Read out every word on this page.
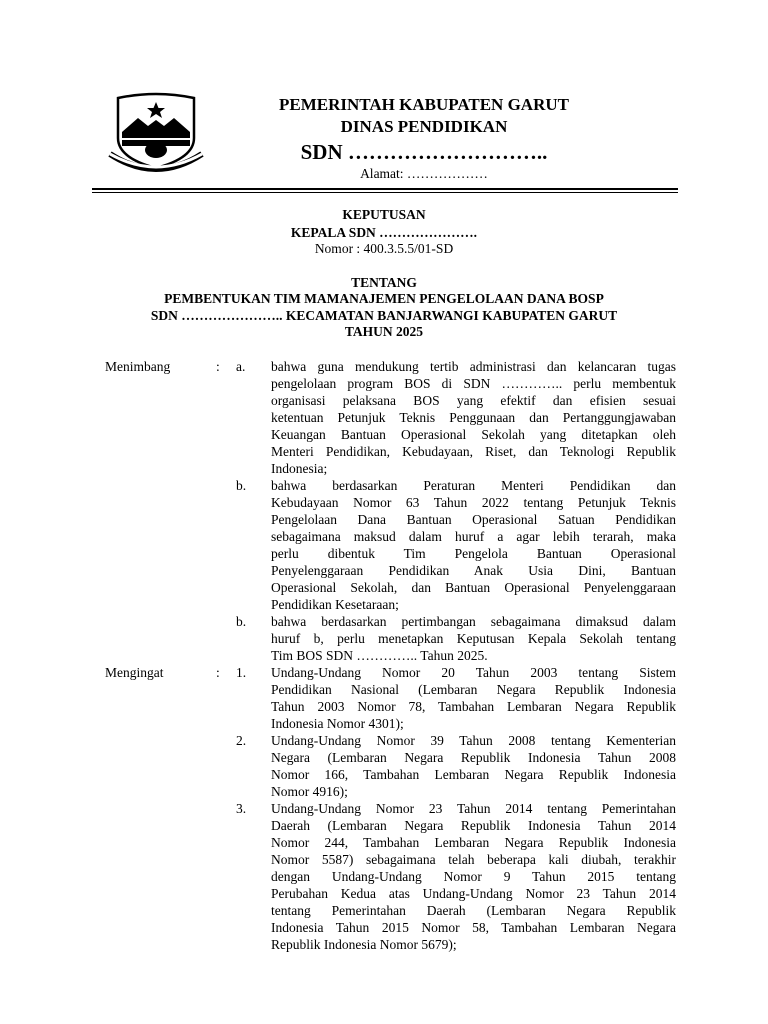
PEMERINTAH KABUPATEN GARUT
DINAS PENDIDIKAN
SDN ………………………..
Alamat: ………………
KEPUTUSAN
KEPALA SDN ………………….
Nomor : 400.3.5.5/01-SD
TENTANG
PEMBENTUKAN TIM MAMANAJEMEN PENGELOLAAN DANA BOSP
SDN ………………….. KECAMATAN BANJARWANGI KABUPATEN GARUT
TAHUN 2025
Menimbang	: a. bahwa guna mendukung tertib administrasi dan kelancaran tugas
pengelolaan program BOS di SDN ………….. perlu membentuk
organisasi pelaksana BOS yang efektif dan efisien sesuai
ketentuan Petunjuk Teknis Penggunaan dan Pertanggungjawaban
Keuangan Bantuan Operasional Sekolah yang ditetapkan oleh
Menteri Pendidikan, Kebudayaan, Riset, dan Teknologi Republik
Indonesia;
b. bahwa berdasarkan Peraturan Menteri Pendidikan dan
Kebudayaan Nomor 63 Tahun 2022 tentang Petunjuk Teknis
Pengelolaan Dana Bantuan Operasional Satuan Pendidikan
sebagaimana maksud dalam huruf a agar lebih terarah, maka
perlu dibentuk Tim Pengelola Bantuan Operasional
Penyelenggaraan Pendidikan Anak Usia Dini, Bantuan
Operasional Sekolah, dan Bantuan Operasional Penyelenggaraan
Pendidikan Kesetaraan;
b. bahwa berdasarkan pertimbangan sebagaimana dimaksud dalam
huruf b, perlu menetapkan Keputusan Kepala Sekolah tentang
Tim BOS SDN ………….. Tahun 2025.
Mengingat	: 1. Undang-Undang Nomor 20 Tahun 2003 tentang Sistem
Pendidikan Nasional (Lembaran Negara Republik Indonesia
Tahun 2003 Nomor 78, Tambahan Lembaran Negara Republik
Indonesia Nomor 4301);
2. Undang-Undang Nomor 39 Tahun 2008 tentang Kementerian
Negara (Lembaran Negara Republik Indonesia Tahun 2008
Nomor 166, Tambahan Lembaran Negara Republik Indonesia
Nomor 4916);
3. Undang-Undang Nomor 23 Tahun 2014 tentang Pemerintahan
Daerah (Lembaran Negara Republik Indonesia Tahun 2014
Nomor 244, Tambahan Lembaran Negara Republik Indonesia
Nomor 5587) sebagaimana telah beberapa kali diubah, terakhir
dengan Undang-Undang Nomor 9 Tahun 2015 tentang
Perubahan Kedua atas Undang-Undang Nomor 23 Tahun 2014
tentang Pemerintahan Daerah (Lembaran Negara Republik
Indonesia Tahun 2015 Nomor 58, Tambahan Lembaran Negara
Republik Indonesia Nomor 5679);
